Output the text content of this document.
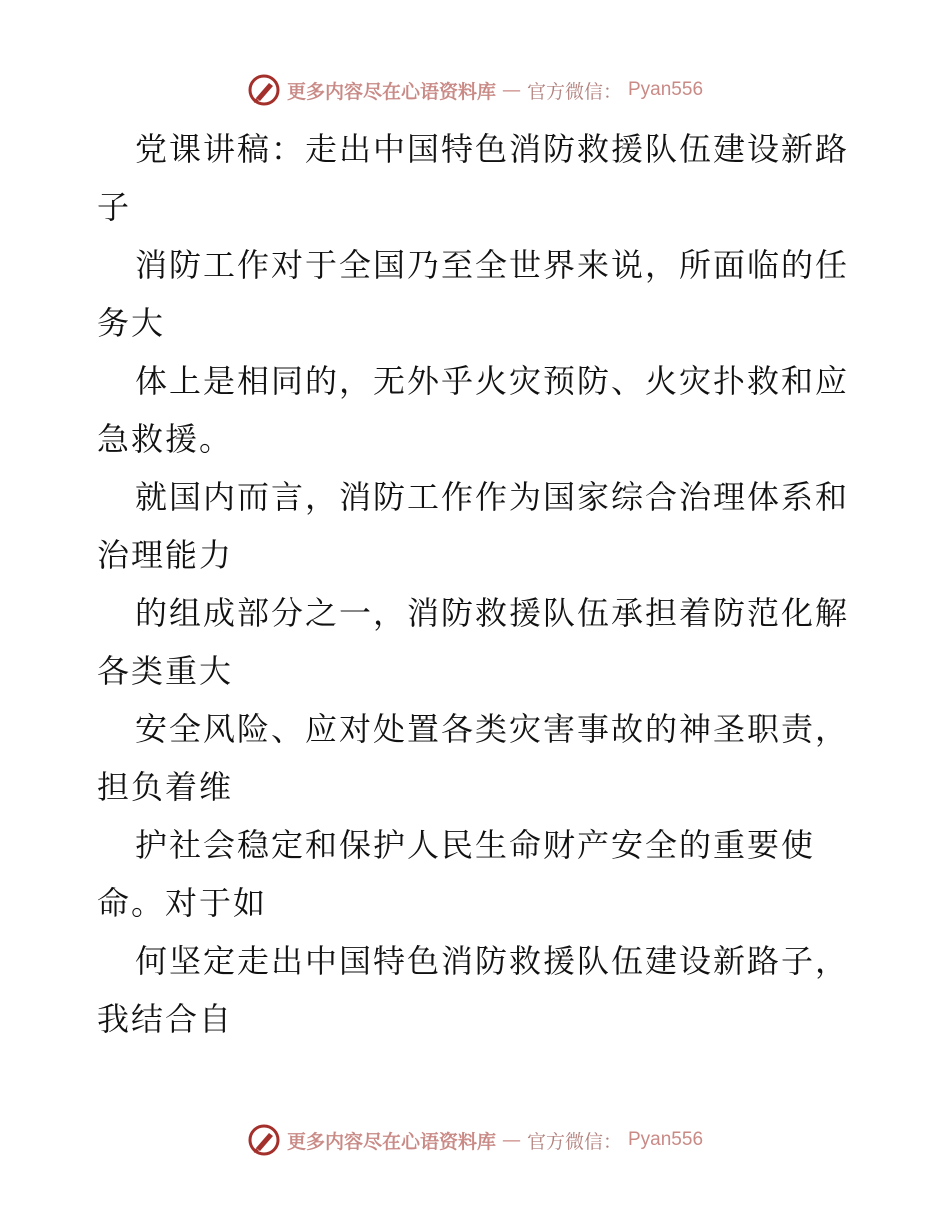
更多内容尽在心语资料库 — 官方微信： Pyan556
党课讲稿：走出中国特色消防救援队伍建设新路
子
消防工作对于全国乃至全世界来说，所面临的任
务大
体上是相同的，无外乎火灾预防、火灾扑救和应
急救援。
就国内而言，消防工作作为国家综合治理体系和
治理能力
的组成部分之一，消防救援队伍承担着防范化解
各类重大
安全风险、应对处置各类灾害事故的神圣职责，
担负着维
护社会稳定和保护人民生命财产安全的重要使
命。对于如
何坚定走出中国特色消防救援队伍建设新路子，
我结合自
更多内容尽在心语资料库 — 官方微信： Pyan556
